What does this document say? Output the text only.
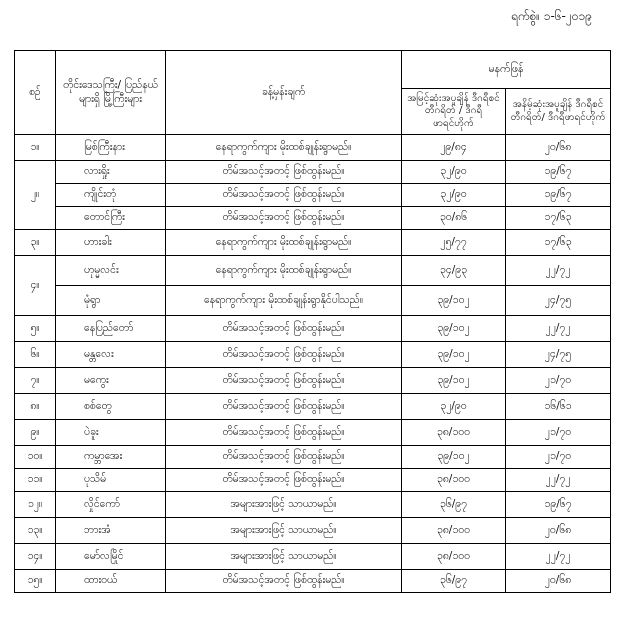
ရက်စွဲ။ ၁-၆-၂၀၁၉
စဉ်	တိုင်းဒေသကြီး/ ပြည်နယ်များရှိ မြို့ကြီးများ	ခန့်မှန်းချက်	မနက်ဖြန်	
			အမြင့်ဆုံးအပူချိန် ဒီဂရီစင်တီဂရိတ် / ဒီဂရီဖာရင်ဟိုက်	အနိမ့်ဆုံးအပူချိန် ဒီဂရီစင်တီဂရိတ်/ ဒီဂရီဖာရင်ဟိုက်
၁။	မြစ်ကြီးနား	နေရာကွက်ကျား မိုးထစ်ချုန်းရွာမည်။	၂၉/၈၄	၂၀/၆၈
၂။	လားရှိုး	တိမ်အသင့်အတင့် ဖြစ်ထွန်းမည်။	၃၂/၉၀	၁၉/၆၇
	ကျိုင်းတုံ	တိမ်အသင့်အတင့် ဖြစ်ထွန်းမည်။	၃၂/၉၀	၁၉/၆၇
	တောင်ကြီး	တိမ်အသင့်အတင့် ဖြစ်ထွန်းမည်။	၃၀/၈၆	၁၇/၆၃
၃။	ဟားခါး	နေရာကွက်ကျား မိုးထစ်ချုန်းရွာမည်။	၂၅/၇၇	၁၇/၆၃
၄။	ဟုမ္မလင်း	နေရာကွက်ကျား မိုးထစ်ချုန်းရွာမည်။	၃၄/၉၃	၂၂/၇၂
	မုံရွာ	နေရာကွက်ကျား မိုးထစ်ချုန်းရွာနိုင်ပါသည်။	၃၉/၁၀၂	၂၄/၇၅
၅။	နေပြည်တော်	တိမ်အသင့်အတင့် ဖြစ်ထွန်းမည်။	၃၉/၁၀၂	၂၂/၇၂
၆။	မန္တလေး	တိမ်အသင့်အတင့် ဖြစ်ထွန်းမည်။	၃၉/၁၀၂	၂၄/၇၅
၇။	မကွေး	တိမ်အသင့်အတင့် ဖြစ်ထွန်းမည်။	၃၉/၁၀၂	၂၁/၇၀
၈။	စစ်တွေ	တိမ်အသင့်အတင့် ဖြစ်ထွန်းမည်။	၃၂/၉၀	၁၆/၆၁
၉။	ပဲခူး	တိမ်အသင့်အတင့် ဖြစ်ထွန်းမည်။	၃၈/၁၀၀	၂၁/၇၀
၁၀။	ကမ္ဘာအေး	တိမ်အသင့်အတင့် ဖြစ်ထွန်းမည်။	၃၉/၁၀၂	၂၁/၇၀
၁၁။	ပုသိမ်	တိမ်အသင့်အတင့် ဖြစ်ထွန်းမည်။	၃၈/၁၀၀	၂၂/၇၂
၁၂။	လှိုင်ကော်	အများအားဖြင့် သာယာမည်။	၃၆/၉၇	၁၉/၆၇
၁၃။	ဘားအံ	အများအားဖြင့် သာယာမည်။	၃၈/၁၀၀	၂၀/၆၈
၁၄။	မော်လမြိုင်	အများအားဖြင့် သာယာမည်။	၃၈/၁၀၀	၂၂/၇၂
၁၅။	ထားဝယ်	တိမ်အသင့်အတင့် ဖြစ်ထွန်းမည်။	၃၆/၉၇	၂၀/၆၈
